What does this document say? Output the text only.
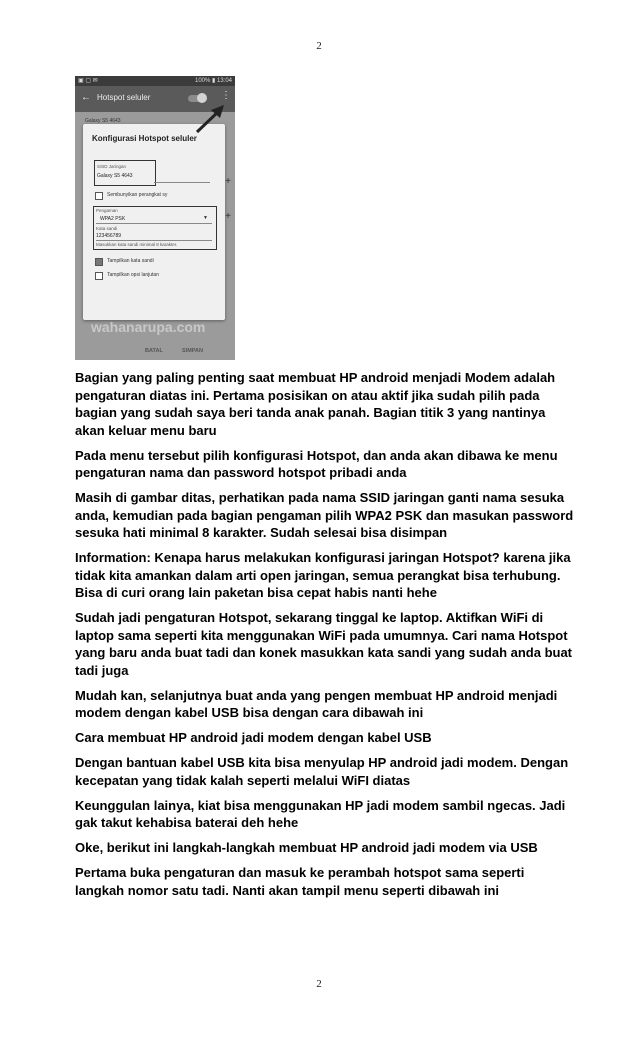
2
▣ ▢ ✉	100% ▮ 13:04
← Hotspot seluler	⋮
Galaxy S5 4643
+
+
Konfigurasi Hotspot seluler
SSID Jaringan
Galaxy S5 4643
Sembunyikan perangkat sy
Pengaman
WPA2 PSK	▼
Kata sandi
123456789
Masukkan kata sandi minimal 8 karakter.
Tampilkan kata sandi
Tampilkan opsi lanjutan
wahanarupa.com
BATAL	SIMPAN

Bagian yang paling penting saat membuat HP android menjadi Modem adalah pengaturan diatas ini. Pertama posisikan on atau aktif jika sudah pilih pada bagian yang sudah saya beri tanda anak panah. Bagian titik 3 yang nantinya akan keluar menu baru

Pada menu tersebut pilih konfigurasi Hotspot, dan anda akan dibawa ke menu pengaturan nama dan password hotspot pribadi anda

Masih di gambar ditas, perhatikan pada nama SSID jaringan ganti nama sesuka anda, kemudian pada bagian pengaman pilih WPA2 PSK dan masukan password sesuka hati minimal 8 karakter. Sudah selesai bisa disimpan

Information: Kenapa harus melakukan konfigurasi jaringan Hotspot? karena jika tidak kita amankan dalam arti open jaringan, semua perangkat bisa terhubung. Bisa di curi orang lain paketan bisa cepat habis nanti hehe

Sudah jadi pengaturan Hotspot, sekarang tinggal ke laptop. Aktifkan WiFi di laptop sama seperti kita menggunakan WiFi pada umumnya. Cari nama Hotspot yang baru anda buat tadi dan konek masukkan kata sandi yang sudah anda buat tadi juga

Mudah kan, selanjutnya buat anda yang pengen membuat HP android menjadi modem dengan kabel USB bisa dengan cara dibawah ini

Cara membuat HP android jadi modem dengan kabel USB

Dengan bantuan kabel USB kita bisa menyulap HP android jadi modem. Dengan kecepatan yang tidak kalah seperti melalui WiFI diatas

Keunggulan lainya, kiat bisa menggunakan HP jadi modem sambil ngecas. Jadi gak takut kehabisa baterai deh hehe

Oke, berikut ini langkah-langkah membuat HP android jadi modem via USB

Pertama buka pengaturan dan masuk ke perambah hotspot sama seperti langkah nomor satu tadi. Nanti akan tampil menu seperti dibawah ini

2
